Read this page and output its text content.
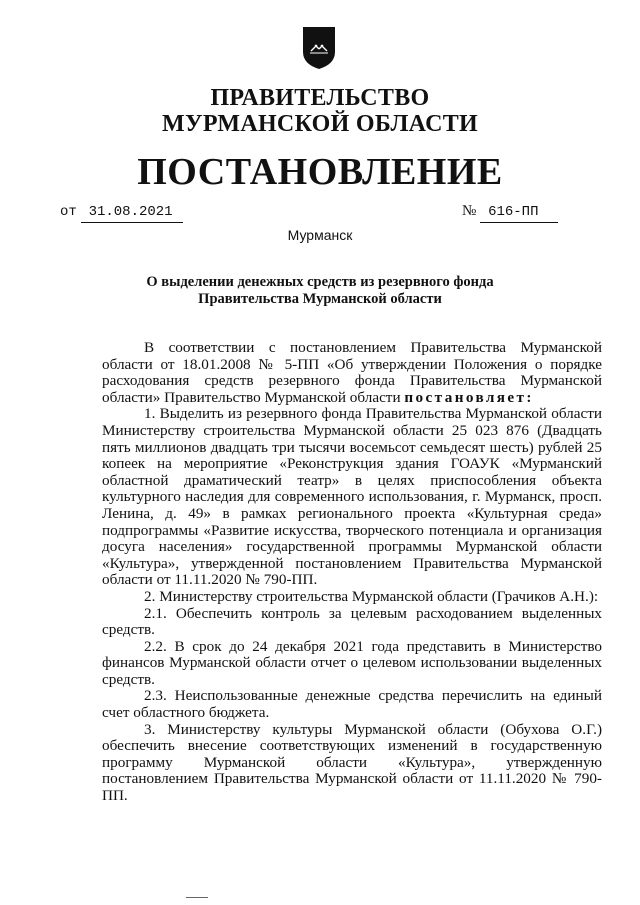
ПРАВИТЕЛЬСТВО
МУРМАНСКОЙ ОБЛАСТИ
ПОСТАНОВЛЕНИЕ
от 31.08.2021	№ 616-ПП
Мурманск
О выделении денежных средств из резервного фонда
Правительства Мурманской области

В соответствии с постановлением Правительства Мурманской области от 18.01.2008 № 5-ПП «Об утверждении Положения о порядке расходования средств резервного фонда Правительства Мурманской области» Правительство Мурманской области постановляет:

1. Выделить из резервного фонда Правительства Мурманской области Министерству строительства Мурманской области 25 023 876 (Двадцать пять миллионов двадцать три тысячи восемьсот семьдесят шесть) рублей 25 копеек на мероприятие «Реконструкция здания ГОАУК «Мурманский областной драматический театр» в целях приспособления объекта культурного наследия для современного использования, г. Мурманск, просп. Ленина, д. 49» в рамках регионального проекта «Культурная среда» подпрограммы «Развитие искусства, творческого потенциала и организация досуга населения» государственной программы Мурманской области «Культура», утвержденной постановлением Правительства Мурманской области от 11.11.2020 № 790-ПП.

2. Министерству строительства Мурманской области (Грачиков А.Н.):

2.1. Обеспечить контроль за целевым расходованием выделенных средств.

2.2. В срок до 24 декабря 2021 года представить в Министерство финансов Мурманской области отчет о целевом использовании выделенных средств.

2.3. Неиспользованные денежные средства перечислить на единый счет областного бюджета.

3. Министерству культуры Мурманской области (Обухова О.Г.) обеспечить внесение соответствующих изменений в государственную программу Мурманской области «Культура», утвержденную постановлением Правительства Мурманской области от 11.11.2020 № 790-ПП.
